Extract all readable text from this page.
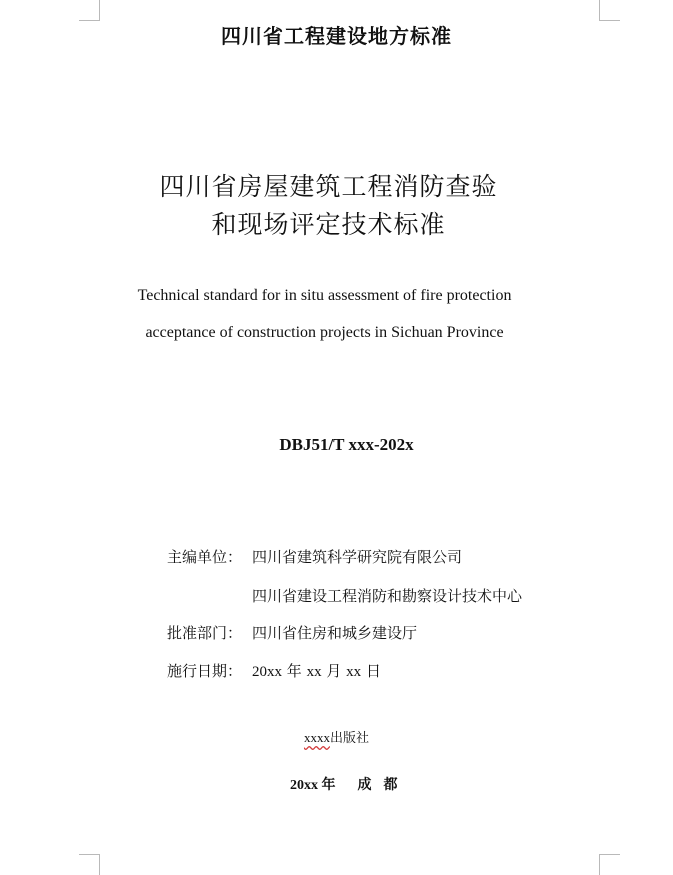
四川省工程建设地方标准
四川省房屋建筑工程消防查验
和现场评定技术标准
Technical standard for in situ assessment of fire protection
acceptance of construction projects in Sichuan Province
DBJ51/T xxx-202x
主编单位： 四川省建筑科学研究院有限公司
四川省建设工程消防和勘察设计技术中心
批准部门： 四川省住房和城乡建设厅
施行日期： 20xx 年 xx 月 xx 日
xxxx出版社
20xx 年 成都
